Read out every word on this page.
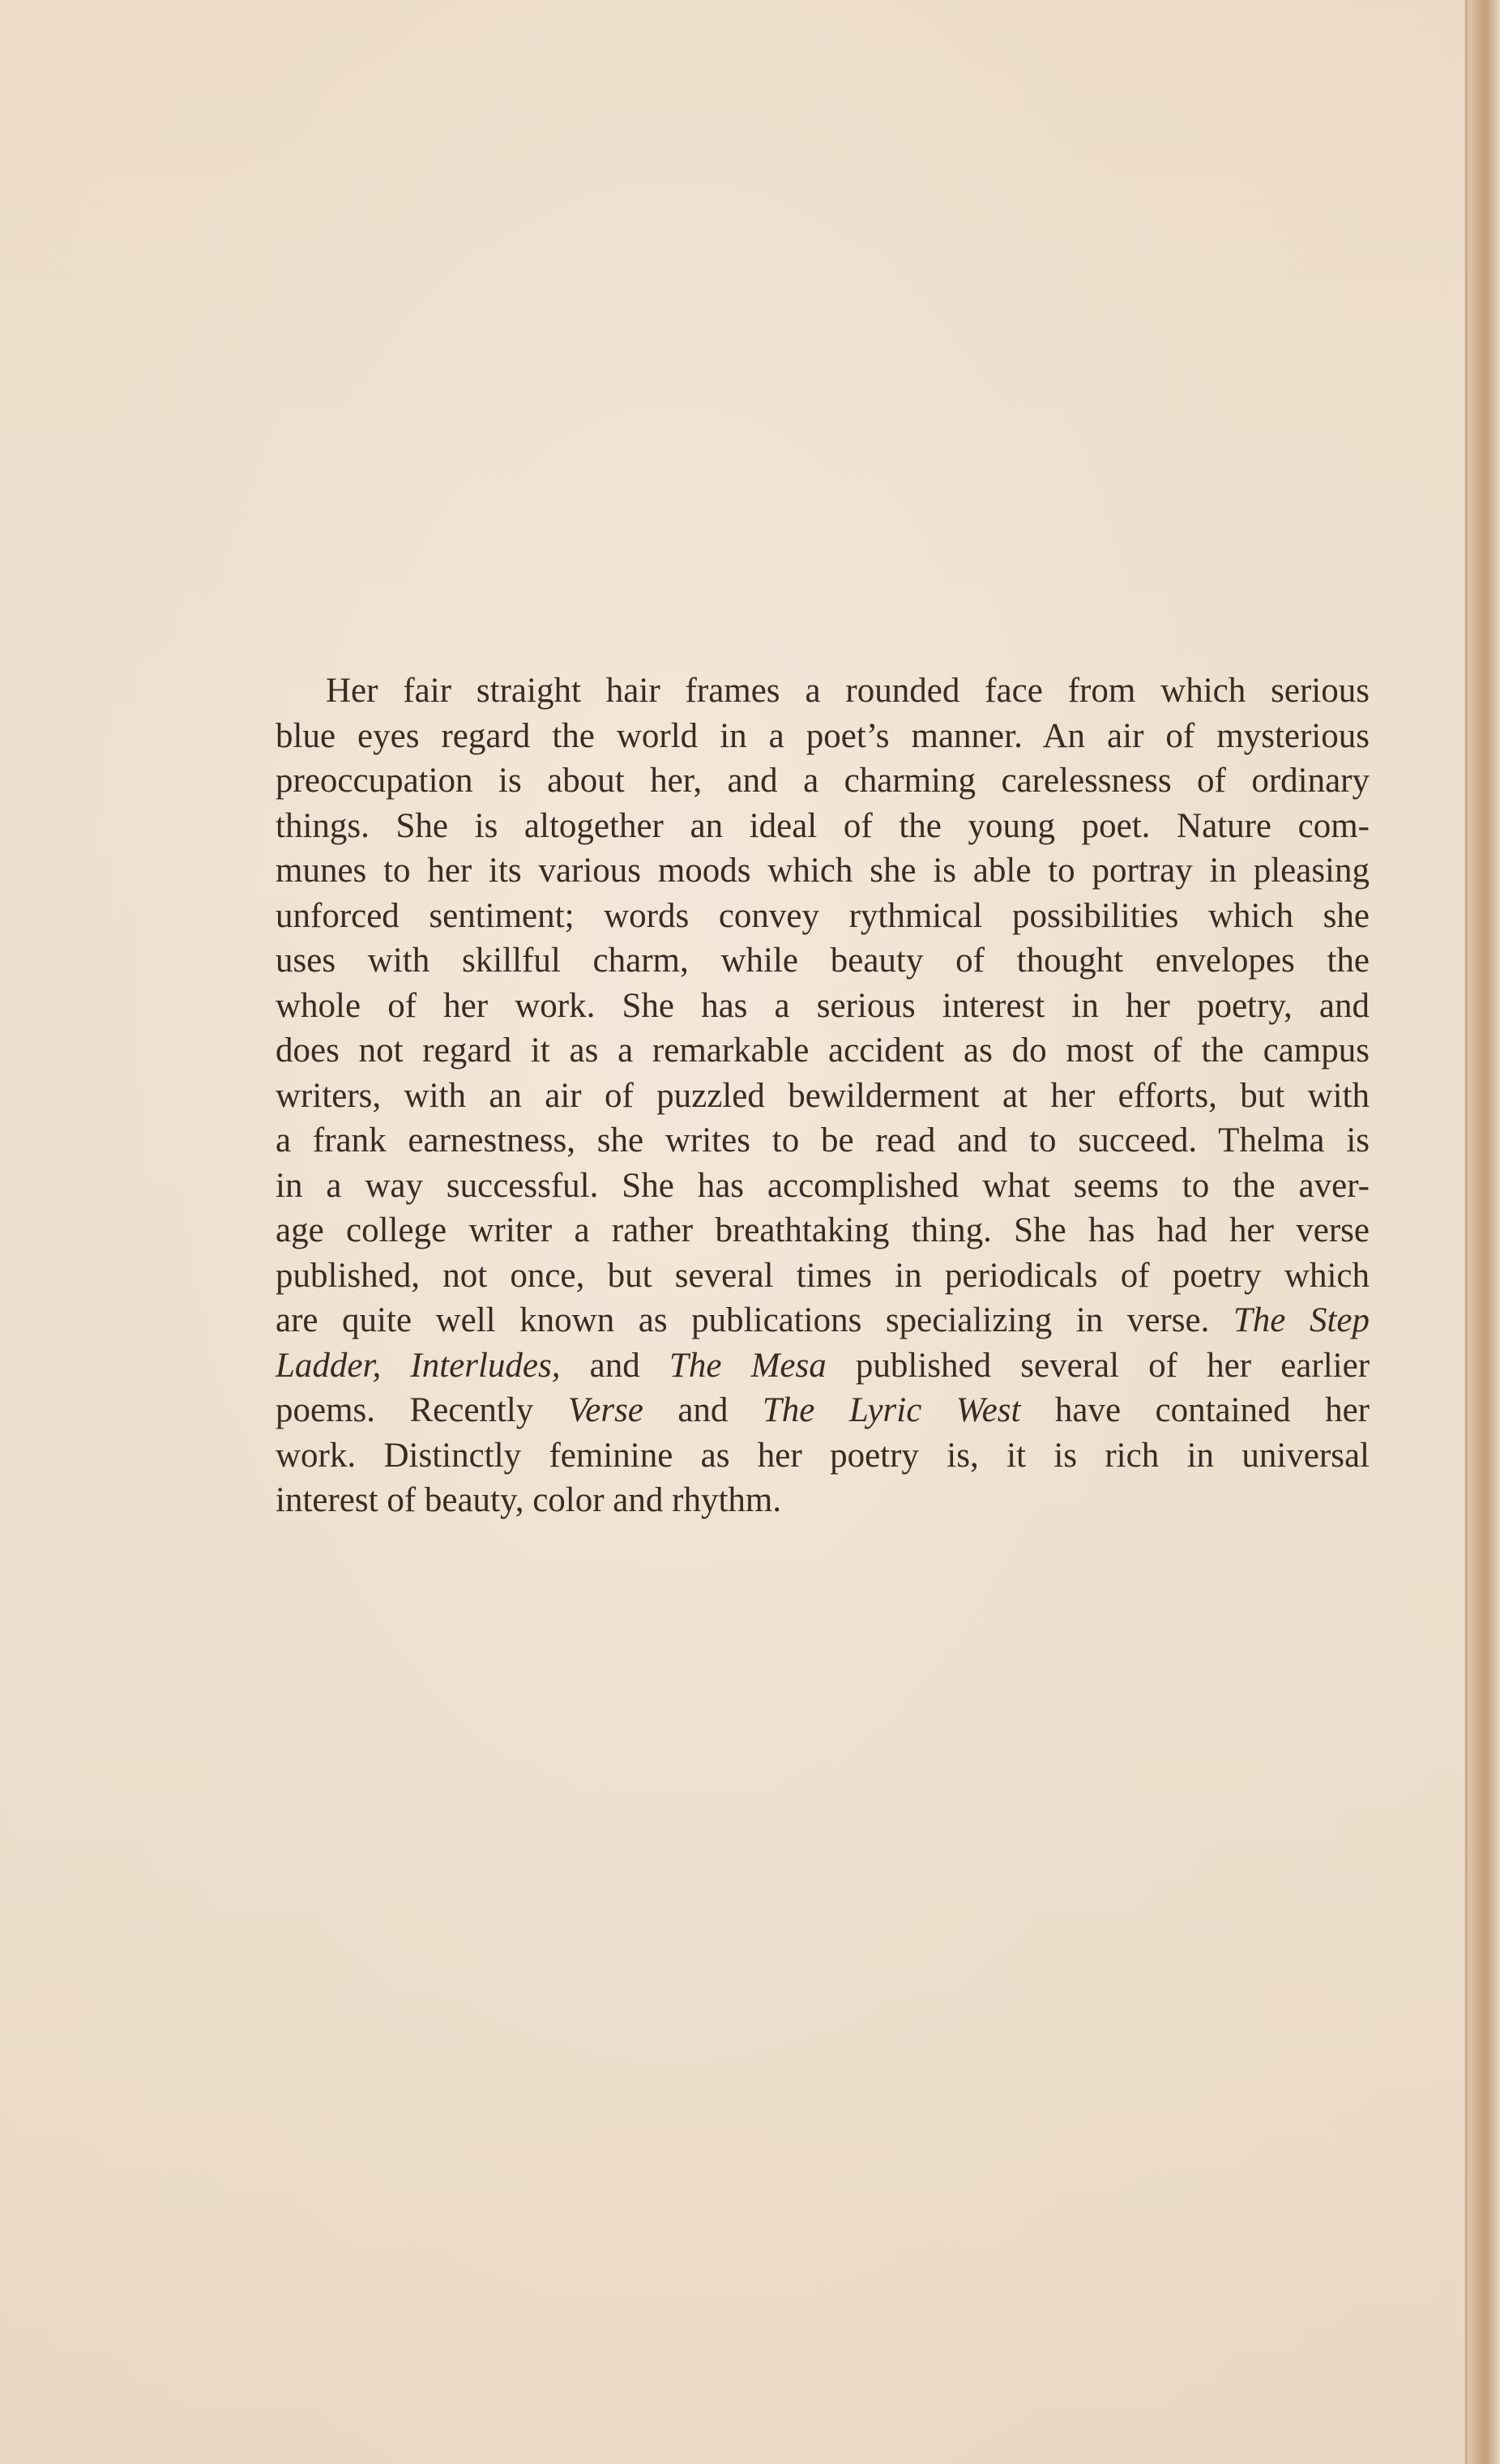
Her fair straight hair frames a rounded face from which serious
blue eyes regard the world in a poet’s manner. An air of mysterious
preoccupation is about her, and a charming carelessness of ordinary
things. She is altogether an ideal of the young poet. Nature com-
munes to her its various moods which she is able to portray in pleasing
unforced sentiment; words convey rythmical possibilities which she
uses with skillful charm, while beauty of thought envelopes the
whole of her work. She has a serious interest in her poetry, and
does not regard it as a remarkable accident as do most of the campus
writers, with an air of puzzled bewilderment at her efforts, but with
a frank earnestness, she writes to be read and to succeed. Thelma is
in a way successful. She has accomplished what seems to the aver-
age college writer a rather breathtaking thing. She has had her verse
published, not once, but several times in periodicals of poetry which
are quite well known as publications specializing in verse. The Step
Ladder, Interludes, and The Mesa published several of her earlier
poems. Recently Verse and The Lyric West have contained her
work. Distinctly feminine as her poetry is, it is rich in universal
interest of beauty, color and rhythm.
